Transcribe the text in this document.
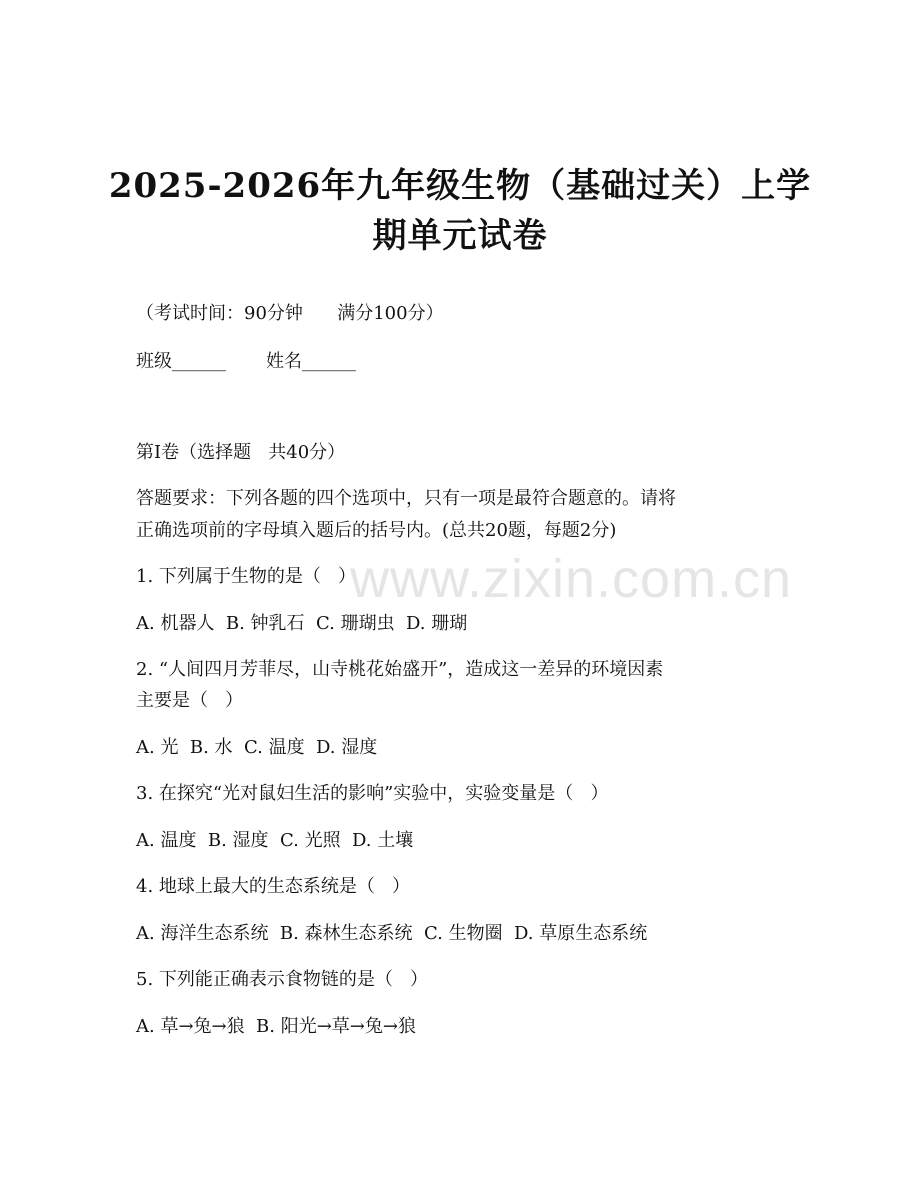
2025-2026年九年级生物（基础过关）上学
期单元试卷
（考试时间：90分钟      满分100分）
班级______       姓名______
第I卷（选择题   共40分）
答题要求：下列各题的四个选项中，只有一项是最符合题意的。请将
正确选项前的字母填入题后的括号内。(总共20题，每题2分)
www.zixin.com.cn
1. 下列属于生物的是（   ）
A. 机器人  B. 钟乳石  C. 珊瑚虫  D. 珊瑚
2. “人间四月芳菲尽，山寺桃花始盛开”，造成这一差异的环境因素
主要是（   ）
A. 光  B. 水  C. 温度  D. 湿度
3. 在探究“光对鼠妇生活的影响”实验中，实验变量是（   ）
A. 温度  B. 湿度  C. 光照  D. 土壤
4. 地球上最大的生态系统是（   ）
A. 海洋生态系统  B. 森林生态系统  C. 生物圈  D. 草原生态系统
5. 下列能正确表示食物链的是（   ）
A. 草→兔→狼  B. 阳光→草→兔→狼
